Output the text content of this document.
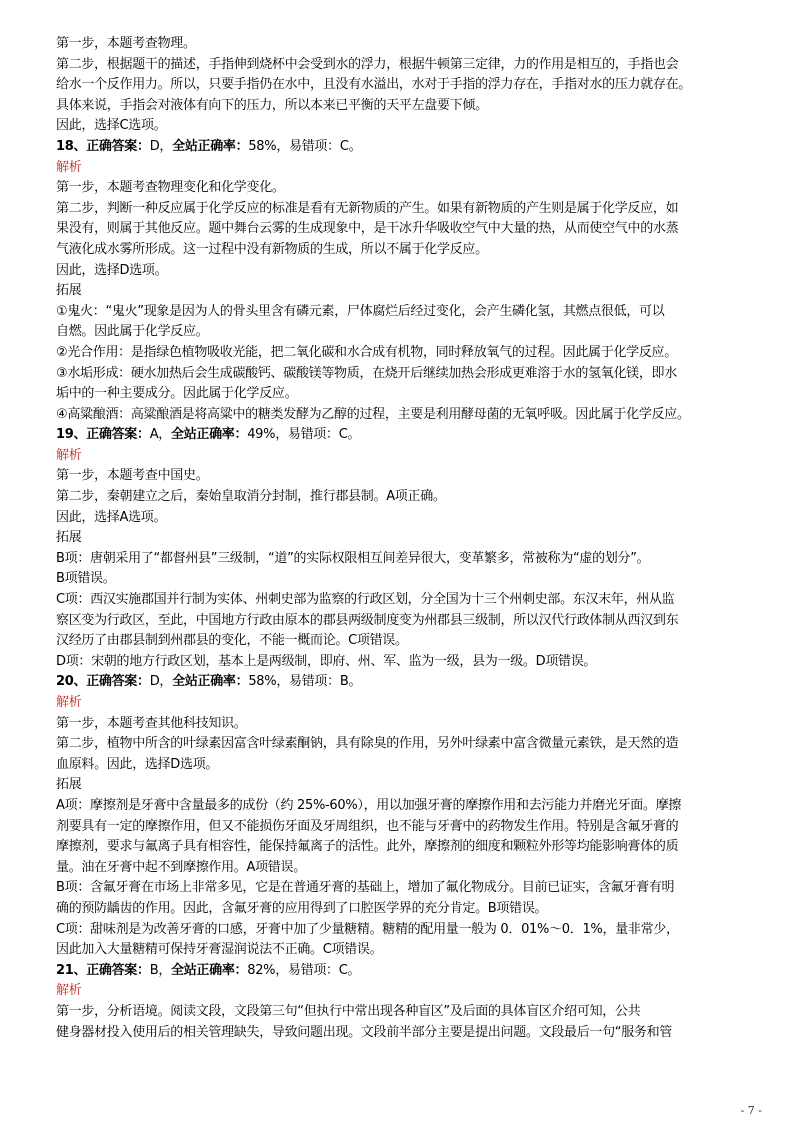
第一步，本题考查物理。
第二步，根据题干的描述，手指伸到烧杯中会受到水的浮力，根据牛顿第三定律，力的作用是相互的，手指也会
给水一个反作用力。所以，只要手指仍在水中，且没有水溢出，水对于手指的浮力存在，手指对水的压力就存在。
具体来说，手指会对液体有向下的压力，所以本来已平衡的天平左盘要下倾。
因此，选择C选项。
18、正确答案：D，全站正确率：58%，易错项：C。
解析
第一步，本题考查物理变化和化学变化。
第二步，判断一种反应属于化学反应的标准是看有无新物质的产生。如果有新物质的产生则是属于化学反应，如
果没有，则属于其他反应。题中舞台云雾的生成现象中，是干冰升华吸收空气中大量的热，从而使空气中的水蒸
气液化成水雾所形成。这一过程中没有新物质的生成，所以不属于化学反应。
因此，选择D选项。
拓展
①鬼火：“鬼火”现象是因为人的骨头里含有磷元素，尸体腐烂后经过变化，会产生磷化氢，其燃点很低，可以
自燃。因此属于化学反应。
②光合作用：是指绿色植物吸收光能，把二氧化碳和水合成有机物，同时释放氧气的过程。因此属于化学反应。
③水垢形成：硬水加热后会生成碳酸钙、碳酸镁等物质，在烧开后继续加热会形成更难溶于水的氢氧化镁，即水
垢中的一种主要成分。因此属于化学反应。
④高粱酿酒：高粱酿酒是将高粱中的糖类发酵为乙醇的过程，主要是利用酵母菌的无氧呼吸。因此属于化学反应。
19、正确答案：A，全站正确率：49%，易错项：C。
解析
第一步，本题考查中国史。
第二步，秦朝建立之后，秦始皇取消分封制，推行郡县制。A项正确。
因此，选择A选项。
拓展
B项：唐朝采用了“都督州县”三级制，“道”的实际权限相互间差异很大，变革繁多，常被称为“虚的划分”。
B项错误。
C项：西汉实施郡国并行制为实体、州刺史部为监察的行政区划，分全国为十三个州刺史部。东汉末年，州从监
察区变为行政区，至此，中国地方行政由原本的郡县两级制度变为州郡县三级制，所以汉代行政体制从西汉到东
汉经历了由郡县制到州郡县的变化，不能一概而论。C项错误。
D项：宋朝的地方行政区划，基本上是两级制，即府、州、军、监为一级，县为一级。D项错误。
20、正确答案：D，全站正确率：58%，易错项：B。
解析
第一步，本题考查其他科技知识。
第二步，植物中所含的叶绿素因富含叶绿素酮钠，具有除臭的作用，另外叶绿素中富含微量元素铁，是天然的造
血原料。因此，选择D选项。
拓展
A项：摩擦剂是牙膏中含量最多的成份（约 25%-60%），用以加强牙膏的摩擦作用和去污能力并磨光牙面。摩擦
剂要具有一定的摩擦作用，但又不能损伤牙面及牙周组织，也不能与牙膏中的药物发生作用。特别是含氟牙膏的
摩擦剂，要求与氟离子具有相容性，能保持氟离子的活性。此外，摩擦剂的细度和颗粒外形等均能影响膏体的质
量。油在牙膏中起不到摩擦作用。A项错误。
B项：含氟牙膏在市场上非常多见，它是在普通牙膏的基础上，增加了氟化物成分。目前已证实，含氟牙膏有明
确的预防龋齿的作用。因此，含氟牙膏的应用得到了口腔医学界的充分肯定。B项错误。
C项：甜味剂是为改善牙膏的口感，牙膏中加了少量糖精。糖精的配用量一般为 0．01%～0．1%，量非常少，
因此加入大量糖精可保持牙膏湿润说法不正确。C项错误。
21、正确答案：B，全站正确率：82%，易错项：C。
解析
第一步，分析语境。阅读文段，文段第三句“但执行中常出现各种盲区”及后面的具体盲区介绍可知，公共
健身器材投入使用后的相关管理缺失，导致问题出现。文段前半部分主要是提出问题。文段最后一句“服务和管
- 7 -
